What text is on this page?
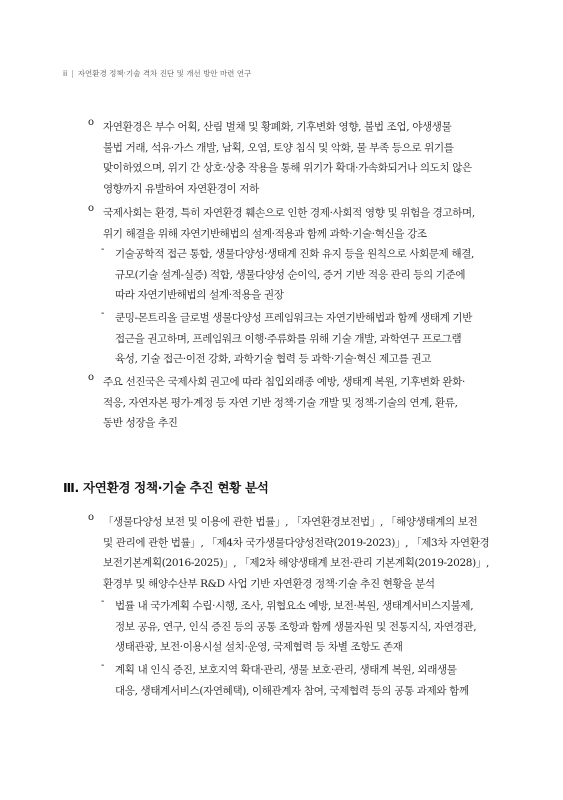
ii | 자연환경 정책·기술 격차 진단 및 개선 방안 마련 연구
o 자연환경은 부수 어획, 산림 벌채 및 황폐화, 기후변화 영향, 불법 조업, 야생생물
불법 거래, 석유·가스 개발, 남획, 오염, 토양 침식 및 악화, 물 부족 등으로 위기를
맞이하였으며, 위기 간 상호·상충 작용을 통해 위기가 확대·가속화되거나 의도치 않은
영향까지 유발하여 자연환경이 저하
o 국제사회는 환경, 특히 자연환경 훼손으로 인한 경제·사회적 영향 및 위험을 경고하며,
위기 해결을 위해 자연기반해법의 설계·적용과 함께 과학·기술·혁신을 강조
- 기술공학적 접근 통합, 생물다양성·생태계 진화 유지 등을 원칙으로 사회문제 해결,
규모(기술 설계-실증) 적합, 생물다양성 순이익, 증거 기반 적응 관리 등의 기준에
따라 자연기반해법의 설계·적용을 권장
- 쿤밍-몬트리올 글로벌 생물다양성 프레임워크는 자연기반해법과 함께 생태계 기반
접근을 권고하며, 프레임워크 이행·주류화를 위해 기술 개발, 과학연구 프로그램
육성, 기술 접근·이전 강화, 과학기술 협력 등 과학·기술·혁신 제고를 권고
o 주요 선진국은 국제사회 권고에 따라 침입외래종 예방, 생태계 복원, 기후변화 완화·
적응, 자연자본 평가·계정 등 자연 기반 정책·기술 개발 및 정책-기술의 연계, 환류,
동반 성장을 추진
Ⅲ. 자연환경 정책·기술 추진 현황 분석
o 「생물다양성 보전 및 이용에 관한 법률」, 「자연환경보전법」, 「해양생태계의 보전
및 관리에 관한 법률」, 「제4차 국가생물다양성전략(2019-2023)」, 「제3차 자연환경
보전기본계획(2016-2025)」, 「제2차 해양생태계 보전·관리 기본계획(2019-2028)」,
환경부 및 해양수산부 R&D 사업 기반 자연환경 정책·기술 추진 현황을 분석
- 법률 내 국가계획 수립·시행, 조사, 위협요소 예방, 보전·복원, 생태계서비스지불제,
정보 공유, 연구, 인식 증진 등의 공통 조항과 함께 생물자원 및 전통지식, 자연경관,
생태관광, 보전·이용시설 설치·운영, 국제협력 등 차별 조항도 존재
- 계획 내 인식 증진, 보호지역 확대·관리, 생물 보호·관리, 생태계 복원, 외래생물
대응, 생태계서비스(자연혜택), 이해관계자 참여, 국제협력 등의 공통 과제와 함께
